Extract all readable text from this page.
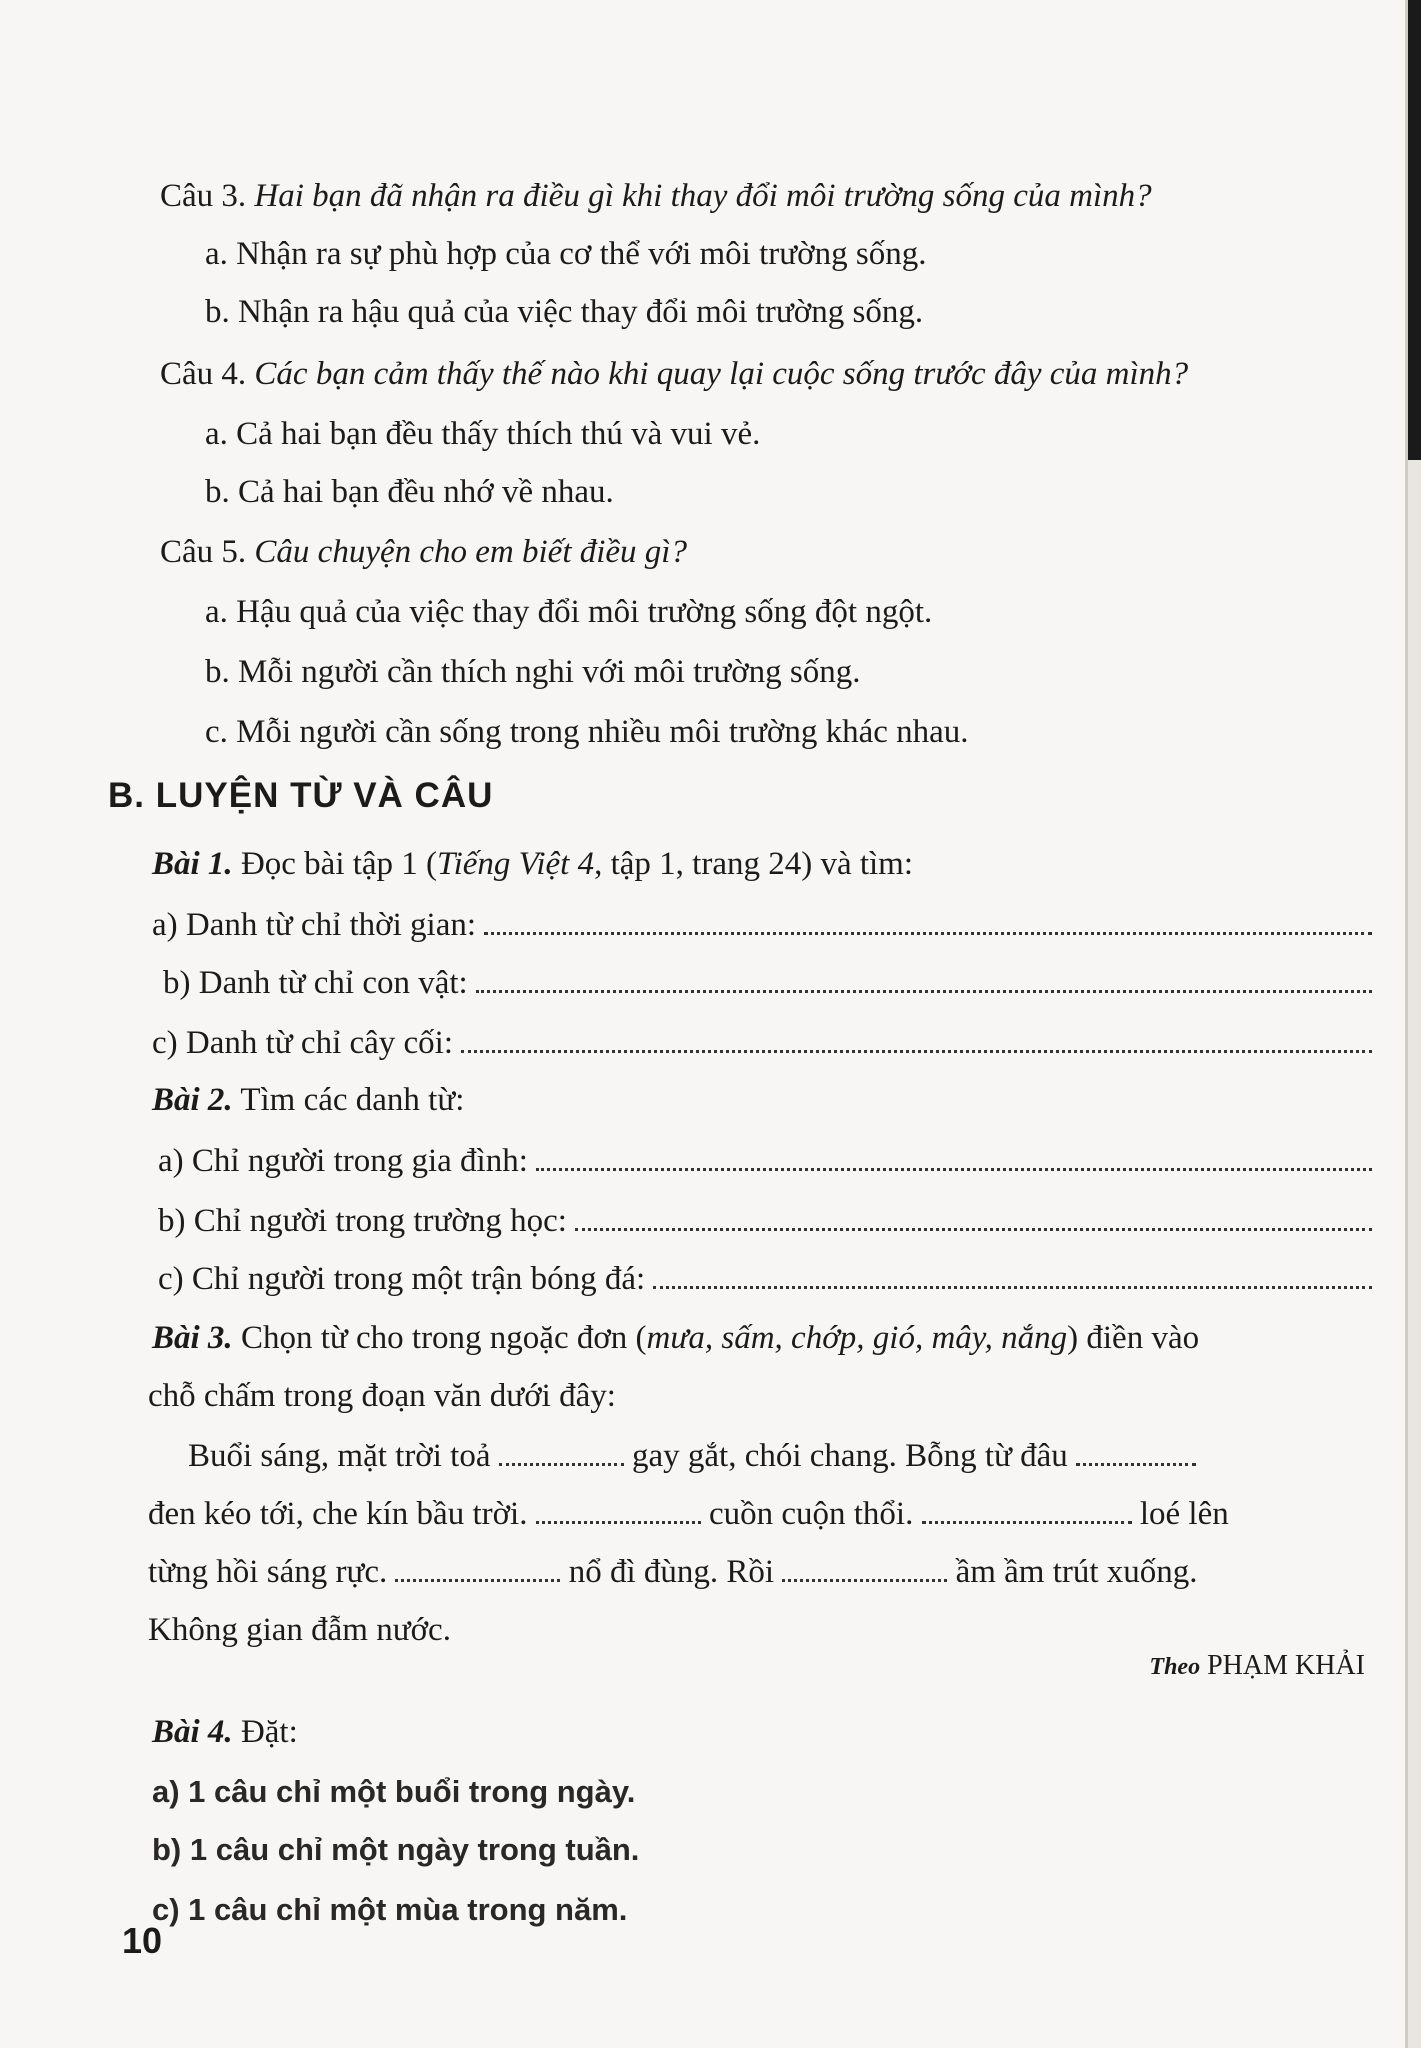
Câu 3. Hai bạn đã nhận ra điều gì khi thay đổi môi trường sống của mình?
a. Nhận ra sự phù hợp của cơ thể với môi trường sống.
b. Nhận ra hậu quả của việc thay đổi môi trường sống.
Câu 4. Các bạn cảm thấy thế nào khi quay lại cuộc sống trước đây của mình?
a. Cả hai bạn đều thấy thích thú và vui vẻ.
b. Cả hai bạn đều nhớ về nhau.
Câu 5. Câu chuyện cho em biết điều gì?
a. Hậu quả của việc thay đổi môi trường sống đột ngột.
b. Mỗi người cần thích nghi với môi trường sống.
c. Mỗi người cần sống trong nhiều môi trường khác nhau.
B. LUYỆN TỪ VÀ CÂU
Bài 1. Đọc bài tập 1 (Tiếng Việt 4, tập 1, trang 24) và tìm:
a) Danh từ chỉ thời gian:
b) Danh từ chỉ con vật:
c) Danh từ chỉ cây cối:
Bài 2. Tìm các danh từ:
a) Chỉ người trong gia đình:
b) Chỉ người trong trường học:
c) Chỉ người trong một trận bóng đá:
Bài 3. Chọn từ cho trong ngoặc đơn (mưa, sấm, chớp, gió, mây, nắng) điền vào
chỗ chấm trong đoạn văn dưới đây:
Buổi sáng, mặt trời toả	gay gắt, chói chang. Bỗng từ đâu
đen kéo tới, che kín bầu trời.	cuồn cuộn thổi.	loé lên
từng hồi sáng rực.	nổ đì đùng. Rồi	ầm ầm trút xuống.
Không gian đẫm nước.
Theo PHẠM KHẢI
Bài 4. Đặt:
a) 1 câu chỉ một buổi trong ngày.
b) 1 câu chỉ một ngày trong tuần.
c) 1 câu chỉ một mùa trong năm.
10
